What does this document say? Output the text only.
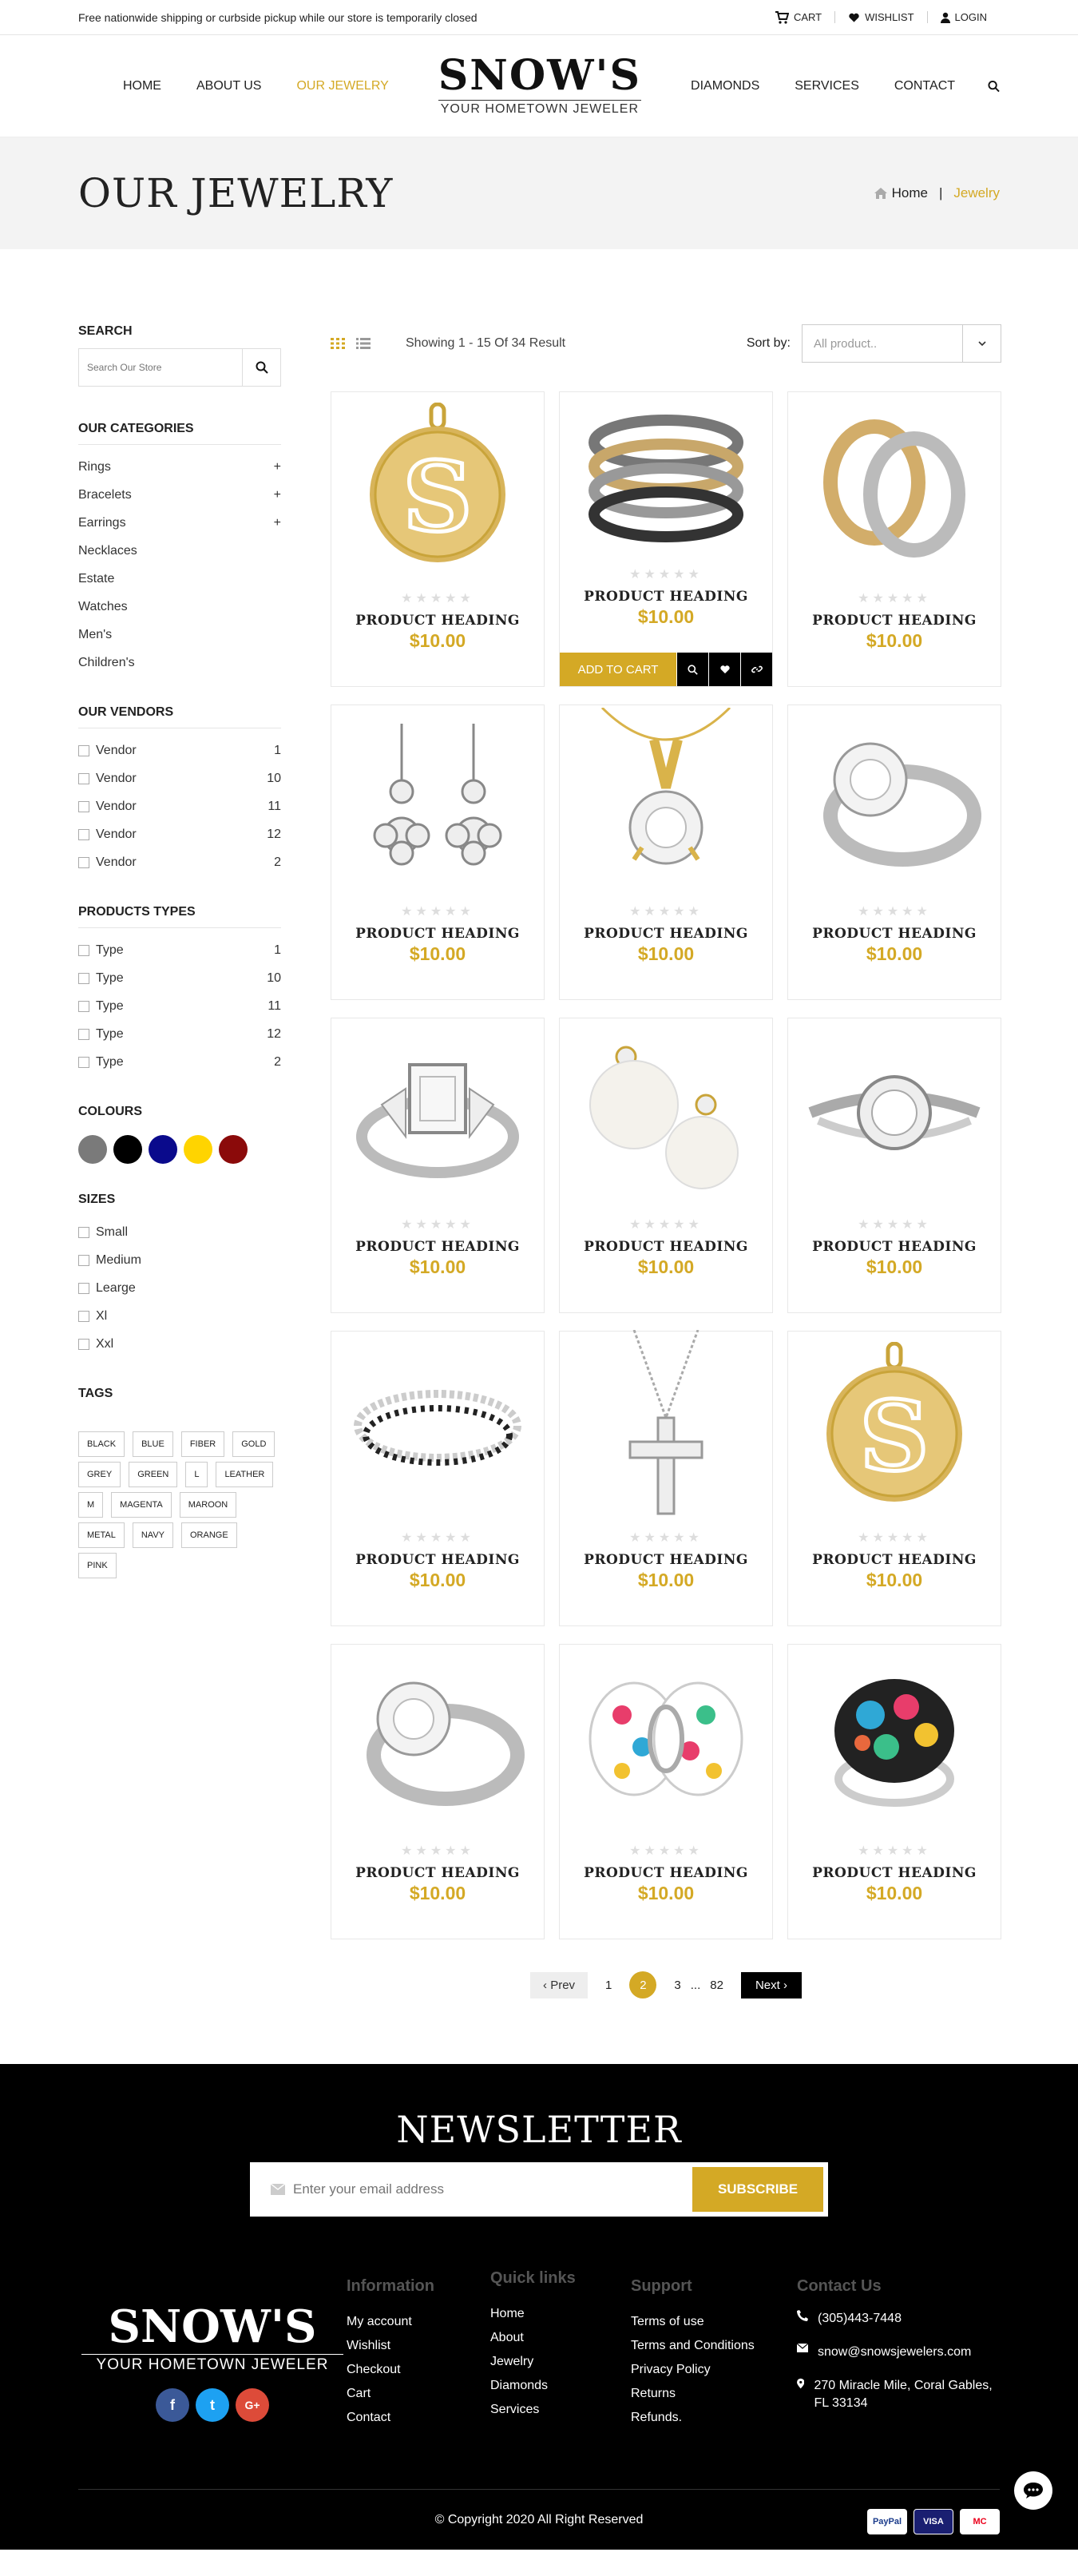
Free nationwide shipping or curbside pickup while our store is temporarily closed	CART	WISHLIST	LOGIN
HOME	ABOUT US	OUR JEWELRY SNOW'S
YOUR HOMETOWN JEWELER
DIAMONDS	SERVICES	CONTACT
OUR JEWELRY	Home | Jewelry
SEARCH
Search Our Store
OUR CATEGORIES
Rings	+
Bracelets	+
Earrings	+
Necklaces
Estate
Watches
Men's
Children's
OUR VENDORS
Vendor	1
Vendor	10
Vendor	11
Vendor	12
Vendor	2
PRODUCTS TYPES
Type	1
Type	10
Type	11
Type	12
Type	2
COLOURS
SIZES
Small
Medium
Learge
Xl
Xxl
TAGS
BLACK	BLUE	FIBER	GOLD
GREY	GREEN	L	LEATHER
M	MAGENTA	MAROON
METAL	NAVY	ORANGE
PINK
Showing 1 - 15 Of 34 Result	Sort by: All product..
S
★★★★★
PRODUCT HEADING
$10.00
★★★★★
PRODUCT HEADING
$10.00
ADD TO CART
★★★★★
PRODUCT HEADING
$10.00
★★★★★
PRODUCT HEADING
$10.00
★★★★★
PRODUCT HEADING
$10.00
★★★★★
PRODUCT HEADING
$10.00
★★★★★
PRODUCT HEADING
$10.00
★★★★★
PRODUCT HEADING
$10.00
★★★★★
PRODUCT HEADING
$10.00
★★★★★
PRODUCT HEADING
$10.00
★★★★★
PRODUCT HEADING
$10.00
S
★★★★★
PRODUCT HEADING
$10.00
★★★★★
PRODUCT HEADING
$10.00
★★★★★
PRODUCT HEADING
$10.00
★★★★★
PRODUCT HEADING
$10.00
‹ Prev	1	2	3 ... 82	Next ›
NEWSLETTER
Enter your email address
SUBSCRIBE
SNOW'S
YOUR HOMETOWN JEWELER
f	t	G+
Information
My account
Wishlist
Checkout
Cart
Contact
Quick links
Home
About
Jewelry
Diamonds
Services
Support
Terms of use
Terms and Conditions
Privacy Policy
Returns
Refunds.
Contact Us
(305)443-7448
snow@snowsjewelers.com
270 Miracle Mile, Coral Gables, FL 33134
© Copyright 2020 All Right Reserved	PayPal	VISA	MC
